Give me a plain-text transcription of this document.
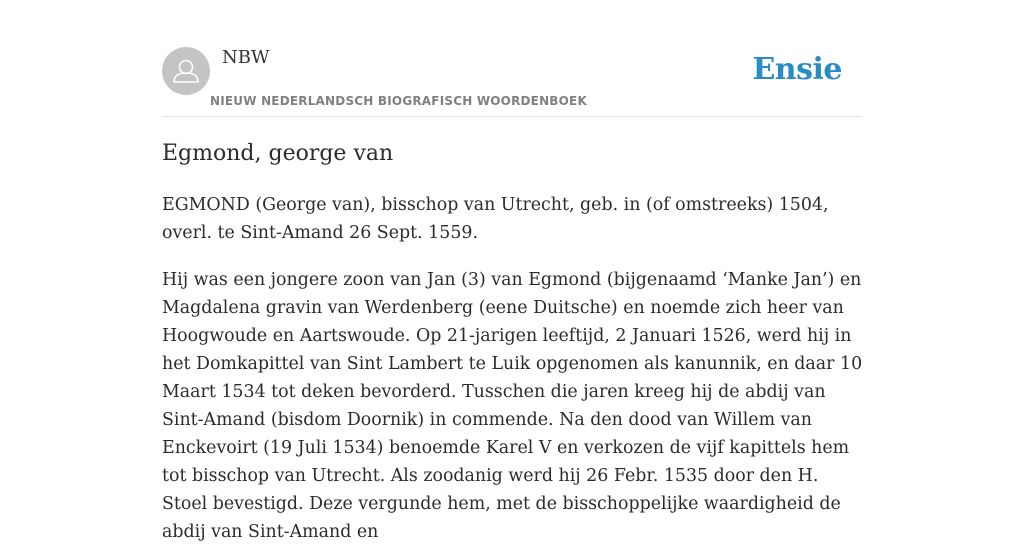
NBW
NIEUW NEDERLANDSCH BIOGRAFISCH WOORDENBOEK
Ensie
Egmond, george van

EGMOND (George van), bisschop van Utrecht, geb. in (of omstreeks) 1504, overl. te Sint-Amand 26 Sept. 1559.

Hij was een jongere zoon van Jan (3) van Egmond (bijgenaamd ‘Manke Jan’) en Magdalena gravin van Werdenberg (eene Duitsche) en noemde zich heer van Hoogwoude en Aartswoude. Op 21-jarigen leeftijd, 2 Januari 1526, werd hij in het Domkapittel van Sint Lambert te Luik opgenomen als kanunnik, en daar 10 Maart 1534 tot deken bevorderd. Tusschen die jaren kreeg hij de abdij van Sint-Amand (bisdom Doornik) in commende. Na den dood van Willem van Enckevoirt (19 Juli 1534) benoemde Karel V en verkozen de vijf kapittels hem tot bisschop van Utrecht. Als zoodanig werd hij 26 Febr. 1535 door den H. Stoel bevestigd. Deze vergunde hem, met de bisschoppelijke waardigheid de abdij van Sint-Amand en
